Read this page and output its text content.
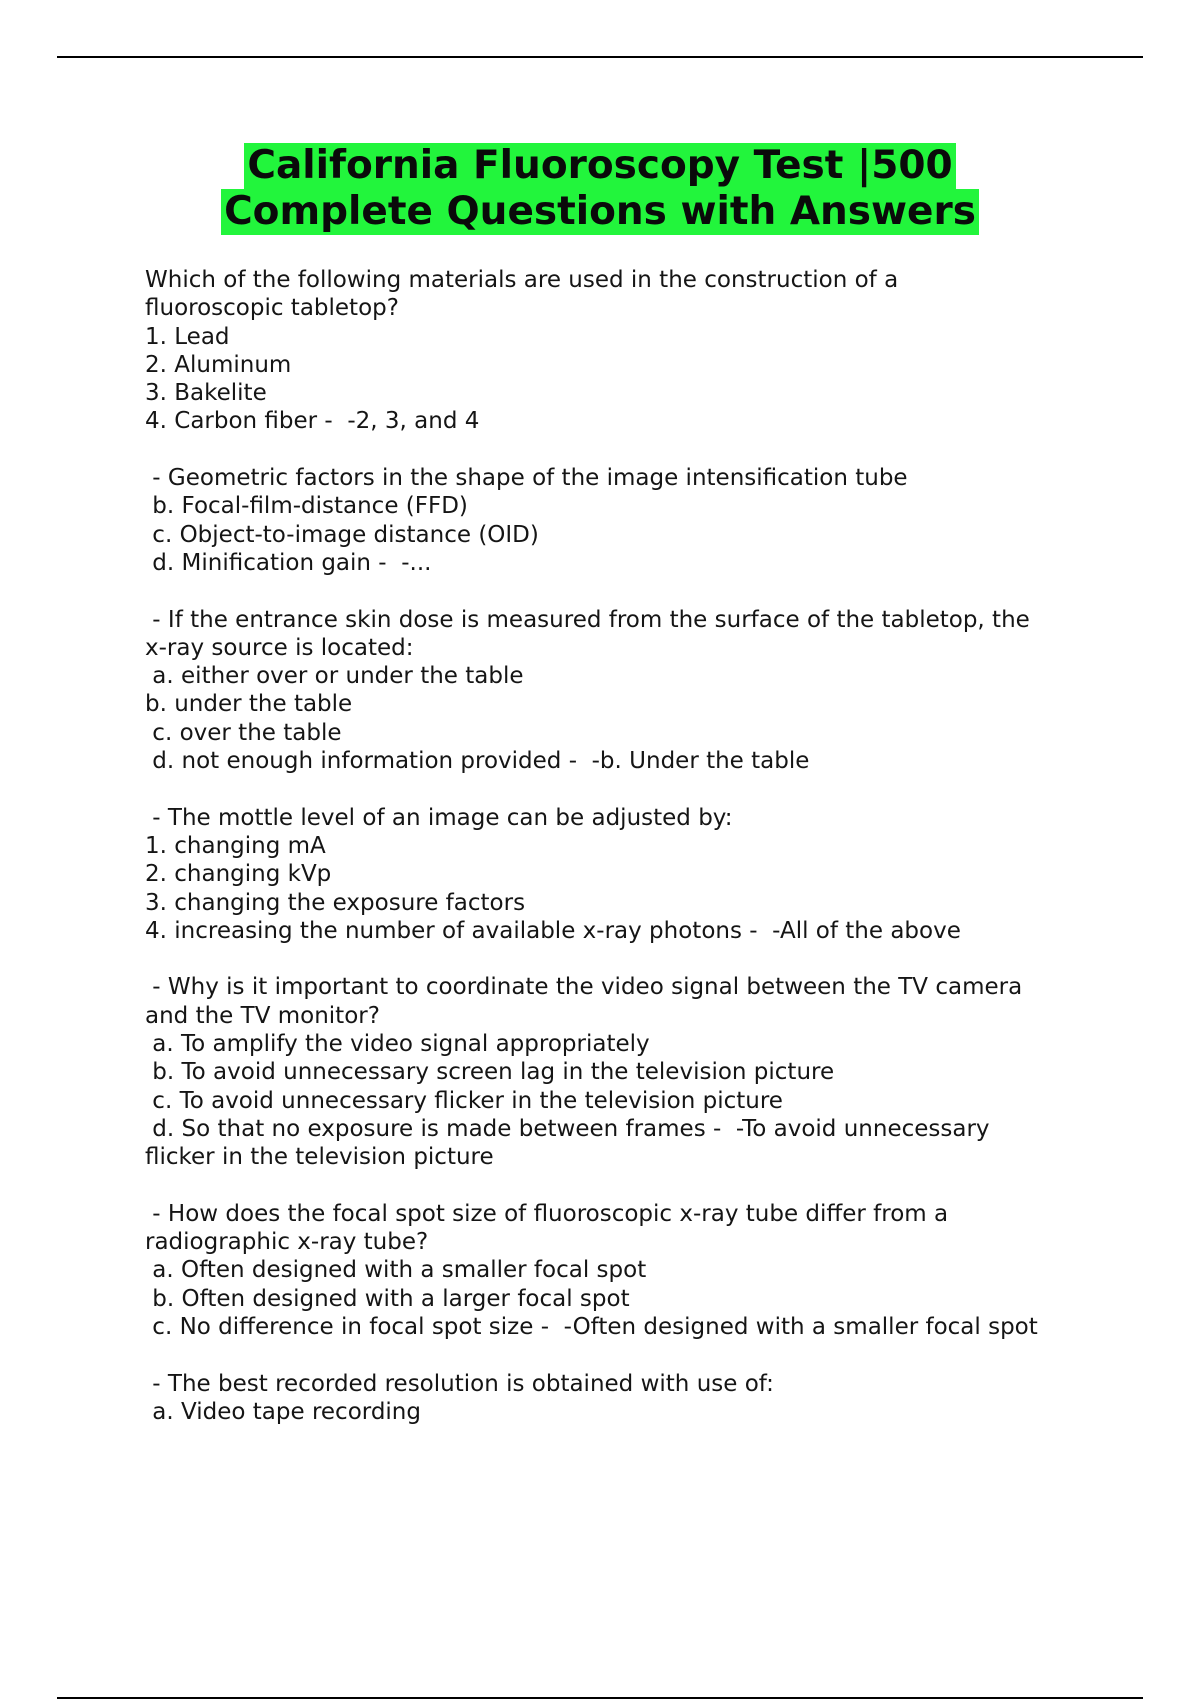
California Fluoroscopy Test |500
Complete Questions with Answers
Which of the following materials are used in the construction of a
fluoroscopic tabletop?
1. Lead
2. Aluminum
3. Bakelite
4. Carbon fiber -  -2, 3, and 4
- Geometric factors in the shape of the image intensification tube
b. Focal-film-distance (FFD)
c. Object-to-image distance (OID)
d. Minification gain -  -...
- If the entrance skin dose is measured from the surface of the tabletop, the
x-ray source is located:
a. either over or under the table
b. under the table
c. over the table
d. not enough information provided -  -b. Under the table
- The mottle level of an image can be adjusted by:
1. changing mA
2. changing kVp
3. changing the exposure factors
4. increasing the number of available x-ray photons -  -All of the above
- Why is it important to coordinate the video signal between the TV camera
and the TV monitor?
a. To amplify the video signal appropriately
b. To avoid unnecessary screen lag in the television picture
c. To avoid unnecessary flicker in the television picture
d. So that no exposure is made between frames -  -To avoid unnecessary
flicker in the television picture
- How does the focal spot size of fluoroscopic x-ray tube differ from a
radiographic x-ray tube?
a. Often designed with a smaller focal spot
b. Often designed with a larger focal spot
c. No difference in focal spot size -  -Often designed with a smaller focal spot
- The best recorded resolution is obtained with use of:
a. Video tape recording
